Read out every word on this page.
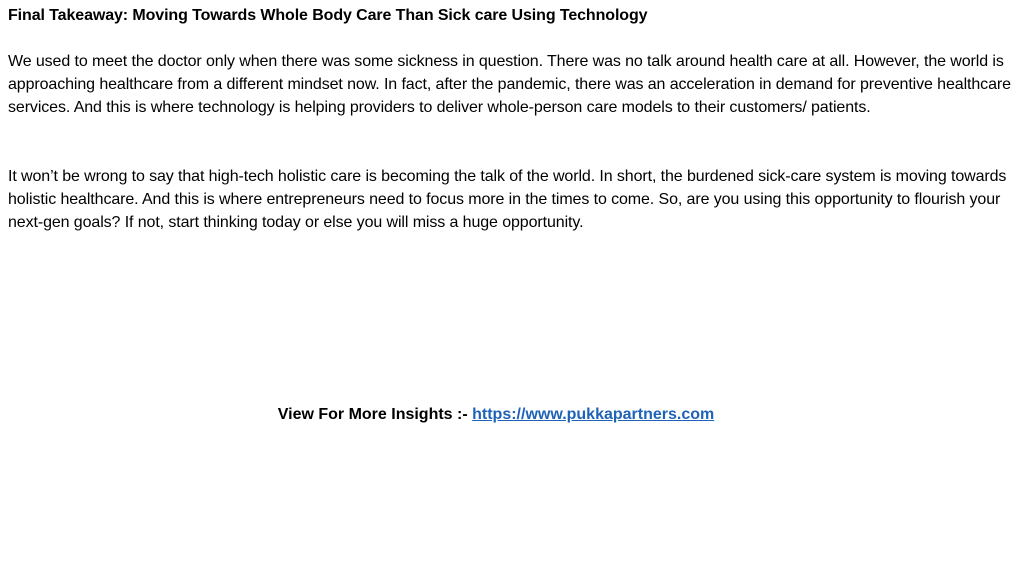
Final Takeaway: Moving Towards Whole Body Care Than Sick care Using Technology

We used to meet the doctor only when there was some sickness in question. There was no talk around health care at all. However, the world is approaching healthcare from a different mindset now. In fact, after the pandemic, there was an acceleration in demand for preventive healthcare services. And this is where technology is helping providers to deliver whole-person care models to their customers/ patients.

It won’t be wrong to say that high-tech holistic care is becoming the talk of the world. In short, the burdened sick-care system is moving towards holistic healthcare. And this is where entrepreneurs need to focus more in the times to come. So, are you using this opportunity to flourish your next-gen goals? If not, start thinking today or else you will miss a huge opportunity.

View For More Insights :- https://www.pukkapartners.com
